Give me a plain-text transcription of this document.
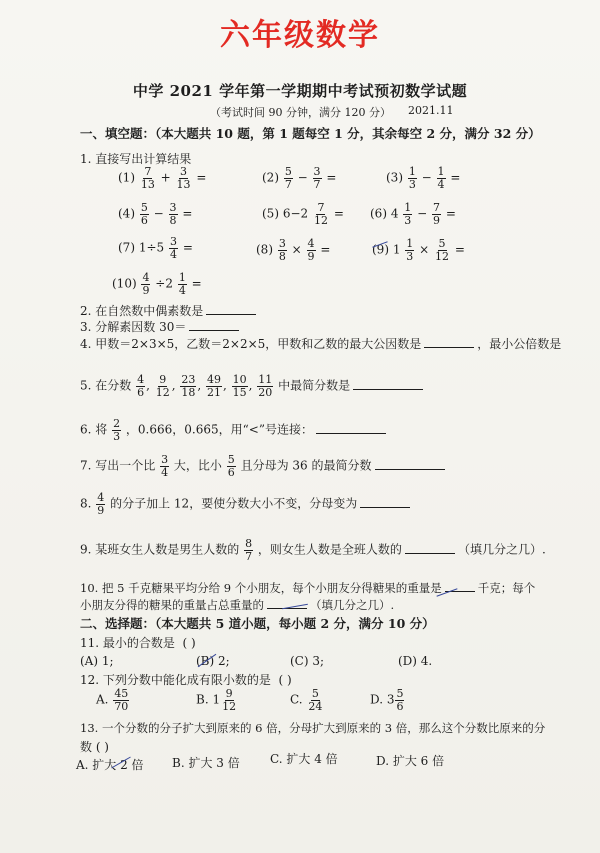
六年级数学
中学 2021 学年第一学期期中考试预初数学试题
（考试时间 90 分钟，满分 120 分） 2021.11
一、填空题：（本大题共 10 题，第 1 题每空 1 分，其余每空 2 分，满分 32 分）
1. 直接写出计算结果
$(1) \frac{7}{13} + \frac{3}{13}$ =	$(2) \frac{5}{7} - \frac{3}{7}$ =	$(3) \frac{1}{3} - \frac{1}{4}$ =
$(4) \frac{5}{6} - \frac{3}{8}$ =	(5) $6-2 \frac{7}{12} = (6)$ $4 \frac{1}{3} - \frac{7}{9}$ =
(7) $1\div 5 \frac{3}{4}$ =	$(8) \frac{3}{8} \times \frac{4}{9}$ =	(9) $1 \frac{1}{3} \times \frac{5}{12}$ =
$(10) \frac{4}{9} \div 2 \frac{1}{4}$ =
2. 在自然数中偶素数是
3. 分解素因数 30＝
4. 甲数＝2×3×5，乙数＝2×2×5，甲数和乙数的最大公因数是	，最小公倍数是
5. 在分数 $\frac{4}{6}$ , $\frac{9}{12}$ , $\frac{23}{18}$ , $\frac{49}{21}$ , $\frac{10}{15}$ , $\frac{11}{20}$ 中最简分数是
6. 将 $\frac{2}{3}$ ，0.666，0.66̇5̇，用“<”号连接：
7. 写出一个比 $\frac{3}{4}$ 大，比小 $\frac{5}{6}$ 且分母为 36 的最简分数
8. $\frac{4}{9}$ 的分子加上 12，要使分数大小不变，分母变为
9. 某班女生人数是男生人数的 $\frac{8}{7}$ ，则女生人数是全班人数的	（填几分之几）.
10. 把 5 千克糖果平均分给 9 个小朋友，每个小朋友分得糖果的重量是	千克；每个
小朋友分得的糖果的重量占总重量的	（填几分之几）.
二、选择题：（本大题共 5 道小题，每小题 2 分，满分 10 分）
11. 最小的合数是 ( )
(A) 1;	(B) 2;	(C) 3;	(D) 4.
12. 下列分数中能化成有限小数的是 ( )
A. $\frac{45}{70}$	B. $1 \frac{9}{12}$	C. $\frac{5}{24}$	D. $3 \frac{5}{6}$
13. 一个分数的分子扩大到原来的 6 倍，分母扩大到原来的 3 倍，那么这个分数比原来的分
数 ( )
A. 扩大 2 倍 B. 扩大 3 倍	C. 扩大 4 倍	D. 扩大 6 倍
